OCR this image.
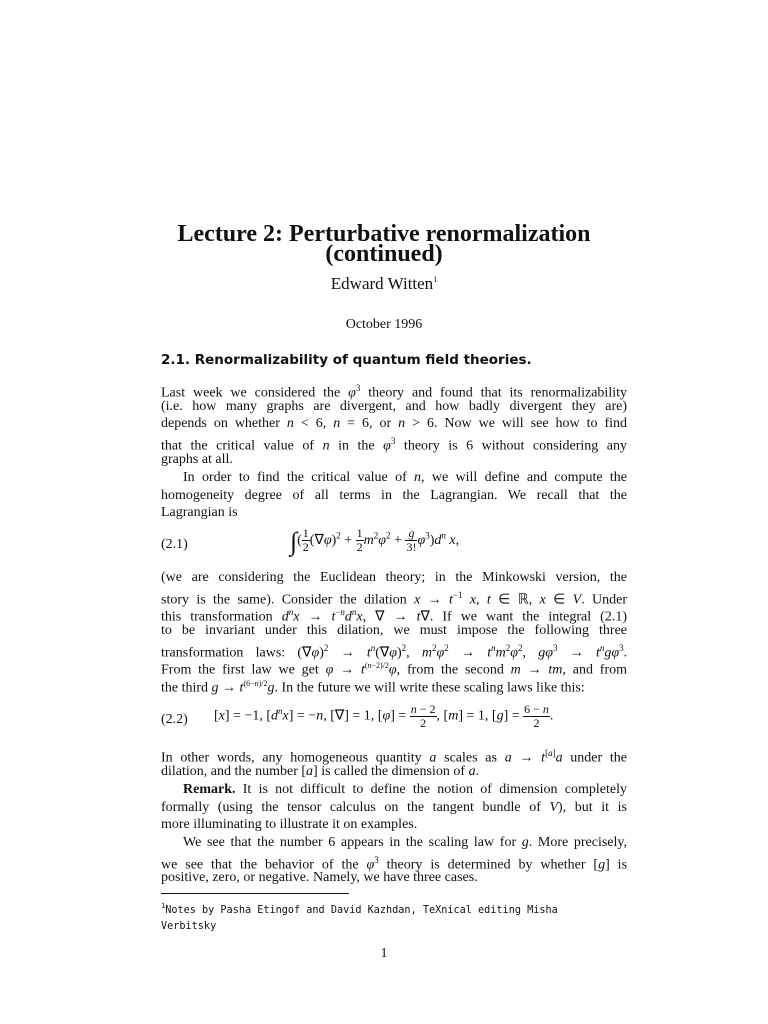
Lecture 2: Perturbative renormalization
(continued)
Edward Witten$^1$
October 1996
2.1. Renormalizability of quantum field theories.
Last week we considered the $\varphi^3$ theory and found that its renormalizability
(i.e. how many graphs are divergent, and how badly divergent they are)
depends on whether n < 6, n = 6, or n > 6. Now we will see how to find
that the critical value of n in the $\varphi^3$ theory is 6 without considering any
graphs at all.
In order to find the critical value of n, we will define and compute the
homogeneity degree of all terms in the Lagrangian. We recall that the
Lagrangian is
(2.1)	∫( $\frac{1}{2} (\nabla\varphi)^2 + \frac{1}{2} m^2\varphi^2 + \frac{g}{3!} \varphi^3)d^n$ x,
(we are considering the Euclidean theory; in the Minkowski version, the
story is the same). Consider the dilation $x \to t^{-1}$ x, t ∈ ℝ, x ∈ V. Under
this transformation $d^nx \to t^{-n}d^nx$, ∇ → t∇. If we want the integral (2.1)
to be invariant under this dilation, we must impose the following three
transformation laws: $(\nabla\varphi)^2 \to t^n(\nabla\varphi)^2$, $m^2\varphi^2 \to t^nm^2\varphi^2$, $g\varphi^3 \to t^ng\varphi^3$.
From the first law we get $\varphi \to t^{(n-2)/2}\varphi$, from the second m → tm, and from
the third $g \to t^{(6-n)/2}g$. In the future we will write these scaling laws like this:
(2.2) [x] = −1, $[d^nx] = -n$, [∇] = 1, $[\varphi] = \frac{n - 2}{2}$ , [m] = 1, $[g] = \frac{6 - n}{2}$ .
In other words, any homogeneous quantity a scales as a → t[a]a under the
dilation, and the number [a] is called the dimension of a.
Remark. It is not difficult to define the notion of dimension completely
formally (using the tensor calculus on the tangent bundle of V), but it is
more illuminating to illustrate it on examples.
We see that the number 6 appears in the scaling law for g. More precisely,
we see that the behavior of the $\varphi^3$ theory is determined by whether [g] is
positive, zero, or negative. Namely, we have three cases.
$^1$Notes by Pasha Etingof and David Kazhdan, TeXnical editing Misha
Verbitsky
1
